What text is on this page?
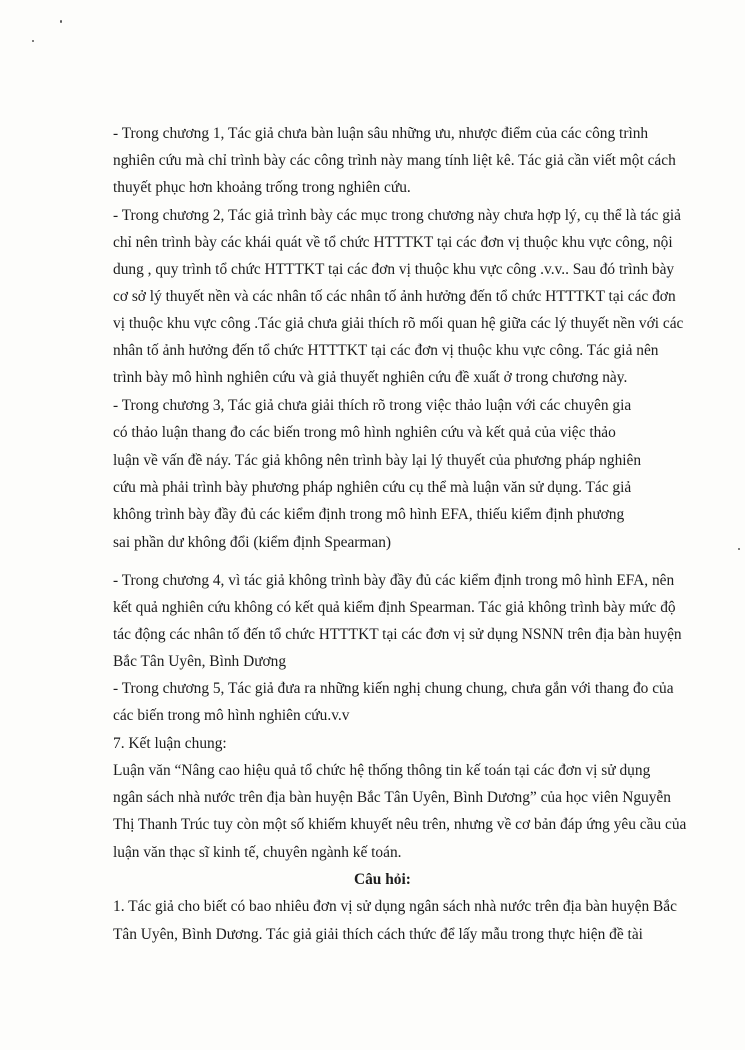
- Trong chương 1, Tác giả chưa bàn luận sâu những ưu, nhược điểm của các công trình
nghiên cứu mà chỉ trình bày các công trình này mang tính liệt kê. Tác giả cần viết một cách
thuyết phục hơn khoảng trống trong nghiên cứu.
- Trong chương 2, Tác giả trình bày các mục trong chương này chưa hợp lý, cụ thể là tác giả
chỉ nên trình bày các khái quát về tổ chức HTTTKT tại các đơn vị thuộc khu vực công, nội
dung , quy trình tổ chức HTTTKT tại các đơn vị thuộc khu vực công .v.v.. Sau đó trình bày
cơ sở lý thuyết nền và các nhân tố các nhân tố ảnh hưởng đến tổ chức HTTTKT tại các đơn
vị thuộc khu vực công .Tác giả chưa giải thích rõ mối quan hệ giữa các lý thuyết nền với các
nhân tố ảnh hưởng đến tổ chức HTTTKT tại các đơn vị thuộc khu vực công. Tác giả nên
trình bày mô hình nghiên cứu và giả thuyết nghiên cứu đề xuất ở trong chương này.
- Trong chương 3, Tác giả chưa giải thích rõ trong việc thảo luận với các chuyên gia
có thảo luận thang đo các biến trong mô hình nghiên cứu và kết quả của việc thảo
luận về vấn đề náy. Tác giả không nên trình bày lại lý thuyết của phương pháp nghiên
cứu mà phải trình bày phương pháp nghiên cứu cụ thể mà luận văn sử dụng. Tác giả
không trình bày đầy đủ các kiểm định trong mô hình EFA, thiếu kiểm định phương
sai phần dư không đổi (kiểm định Spearman)
- Trong chương 4, vì tác giả không trình bày đầy đủ các kiểm định trong mô hình EFA, nên
kết quả nghiên cứu không có kết quả kiểm định Spearman. Tác giả không trình bày mức độ
tác động các nhân tố đến tổ chức HTTTKT tại các đơn vị sử dụng NSNN trên địa bàn huyện
Bắc Tân Uyên, Bình Dương
- Trong chương 5, Tác giả đưa ra những kiến nghị chung chung, chưa gắn với thang đo của
các biến trong mô hình nghiên cứu.v.v
7. Kết luận chung:
Luận văn “Nâng cao hiệu quả tổ chức hệ thống thông tin kế toán tại các đơn vị sử dụng
ngân sách nhà nước trên địa bàn huyện Bắc Tân Uyên, Bình Dương” của học viên Nguyễn
Thị Thanh Trúc tuy còn một số khiếm khuyết nêu trên, nhưng về cơ bản đáp ứng yêu cầu của
luận văn thạc sĩ kinh tế, chuyên ngành kế toán.
Câu hỏi:
1. Tác giả cho biết có bao nhiêu đơn vị sử dụng ngân sách nhà nước trên địa bàn huyện Bắc
Tân Uyên, Bình Dương. Tác giả giải thích cách thức để lấy mẫu trong thực hiện đề tài
